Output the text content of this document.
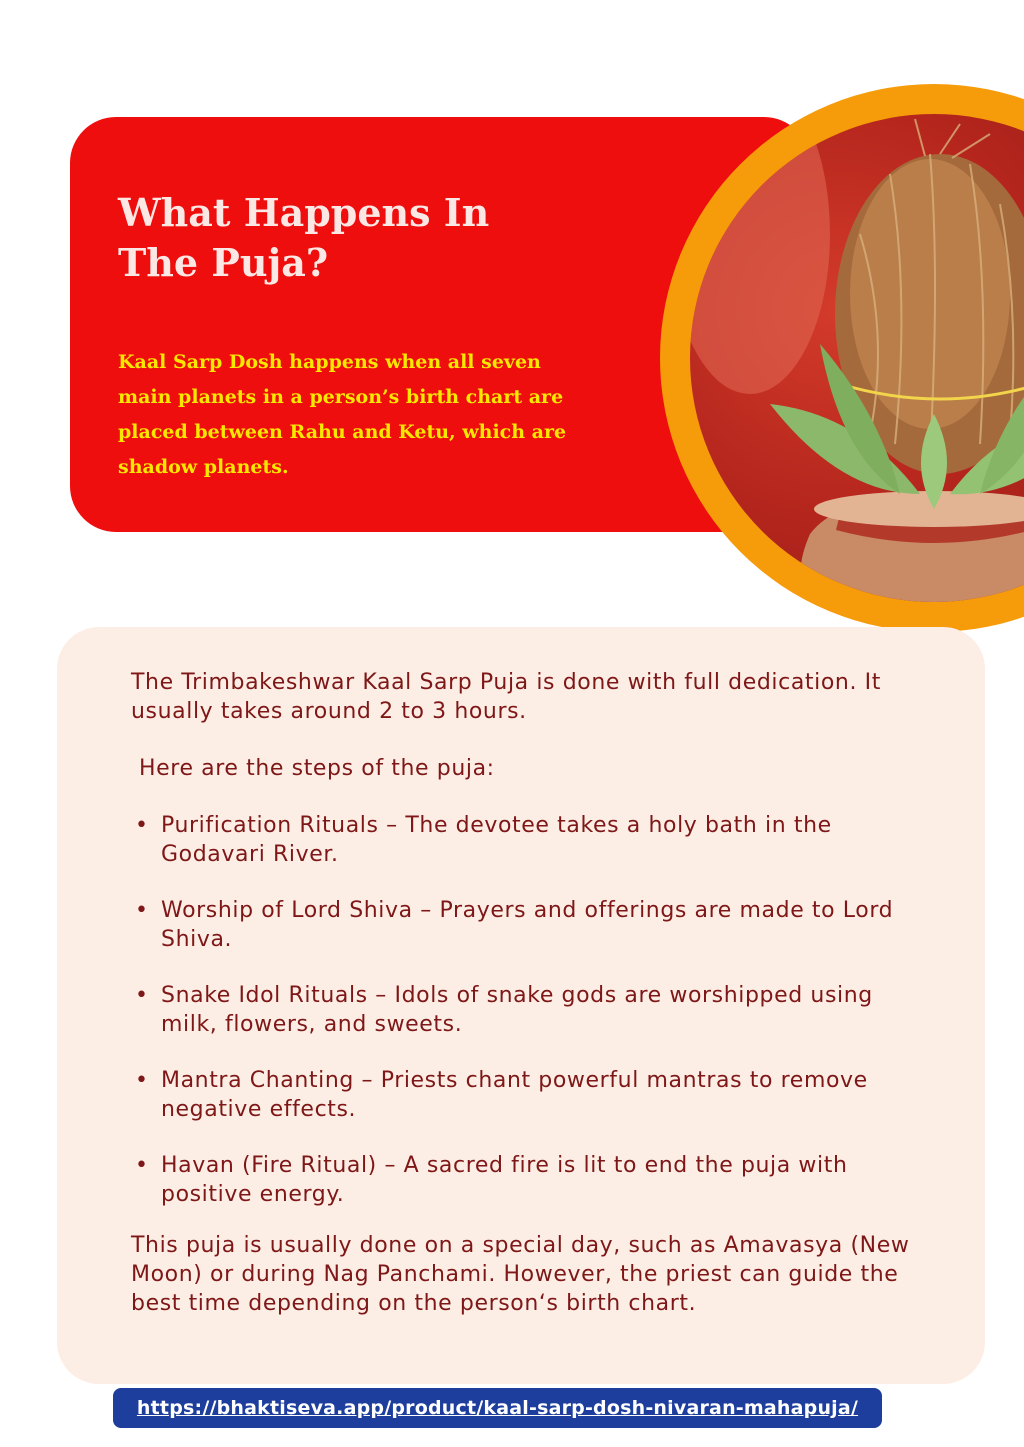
What Happens In
The Puja?

Kaal Sarp Dosh happens when all seven main planets in a person’s birth chart are placed between Rahu and Ketu, which are shadow planets.

The Trimbakeshwar Kaal Sarp Puja is done with full dedication. It usually takes around 2 to 3 hours.

Here are the steps of the puja:

• Purification Rituals – The devotee takes a holy bath in the Godavari River.
• Worship of Lord Shiva – Prayers and offerings are made to Lord Shiva.
• Snake Idol Rituals – Idols of snake gods are worshipped using milk, flowers, and sweets.
• Mantra Chanting – Priests chant powerful mantras to remove negative effects.
• Havan (Fire Ritual) – A sacred fire is lit to end the puja with positive energy.

This puja is usually done on a special day, such as Amavasya (New Moon) or during Nag Panchami. However, the priest can guide the best time depending on the person‘s birth chart.

https://bhaktiseva.app/product/kaal-sarp-dosh-nivaran-mahapuja/
